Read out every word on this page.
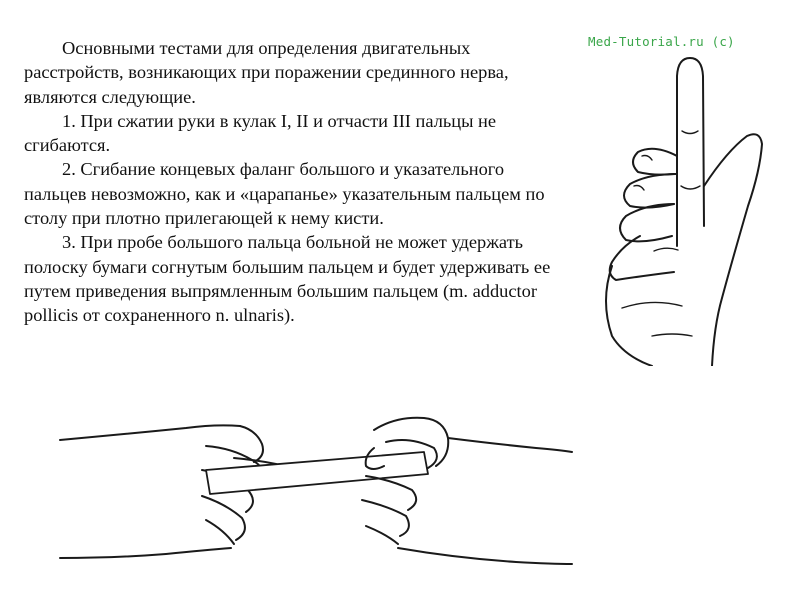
Основными тестами для определения двигательных расстройств, возникающих при поражении срединного нерва, являются следующие.

1. При сжатии руки в кулак I, II и отчасти III пальцы не сгибаются.

2. Сгибание концевых фаланг большого и указательного пальцев невозможно, как и «царапанье» указательным пальцем по столу при плотно прилегающей к нему кисти.

3. При пробе большого пальца больной не может удержать полоску бумаги согнутым большим пальцем и будет удерживать ее путем приведения выпрямленным большим пальцем (m. adductor pollicis от сохраненного n. ulnaris).

Med-Tutorial.ru (c)
